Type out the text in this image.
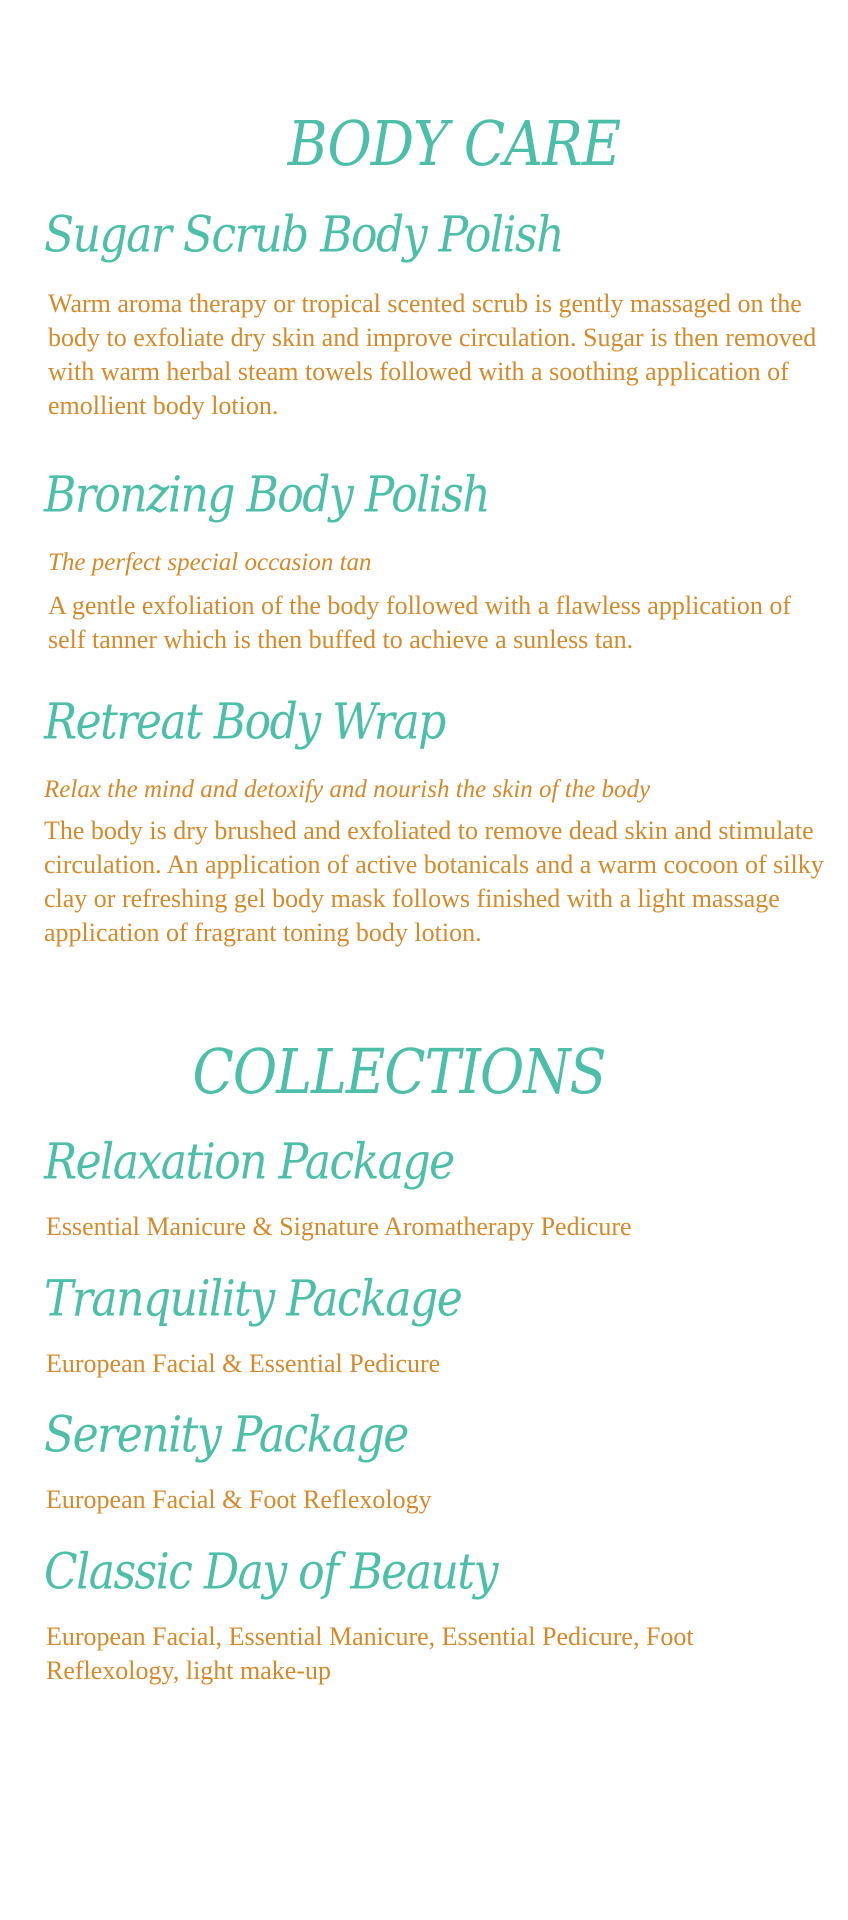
BODY CARE
Sugar Scrub Body Polish

Warm aroma therapy or tropical scented scrub is gently massaged on the body to exfoliate dry skin and improve circulation. Sugar is then removed with warm herbal steam towels followed with a soothing application of emollient body lotion.

Bronzing Body Polish

The perfect special occasion tan

A gentle exfoliation of the body followed with a flawless application of self tanner which is then buffed to achieve a sunless tan.

Retreat Body Wrap

Relax the mind and detoxify and nourish the skin of the body

The body is dry brushed and exfoliated to remove dead skin and stimulate circulation. An application of active botanicals and a warm cocoon of silky clay or refreshing gel body mask follows finished with a light massage application of fragrant toning body lotion.

COLLECTIONS
Relaxation Package

Essential Manicure & Signature Aromatherapy Pedicure

Tranquility Package

European Facial & Essential Pedicure

Serenity Package

European Facial & Foot Reflexology

Classic Day of Beauty

European Facial, Essential Manicure, Essential Pedicure, Foot Reflexology, light make-up
